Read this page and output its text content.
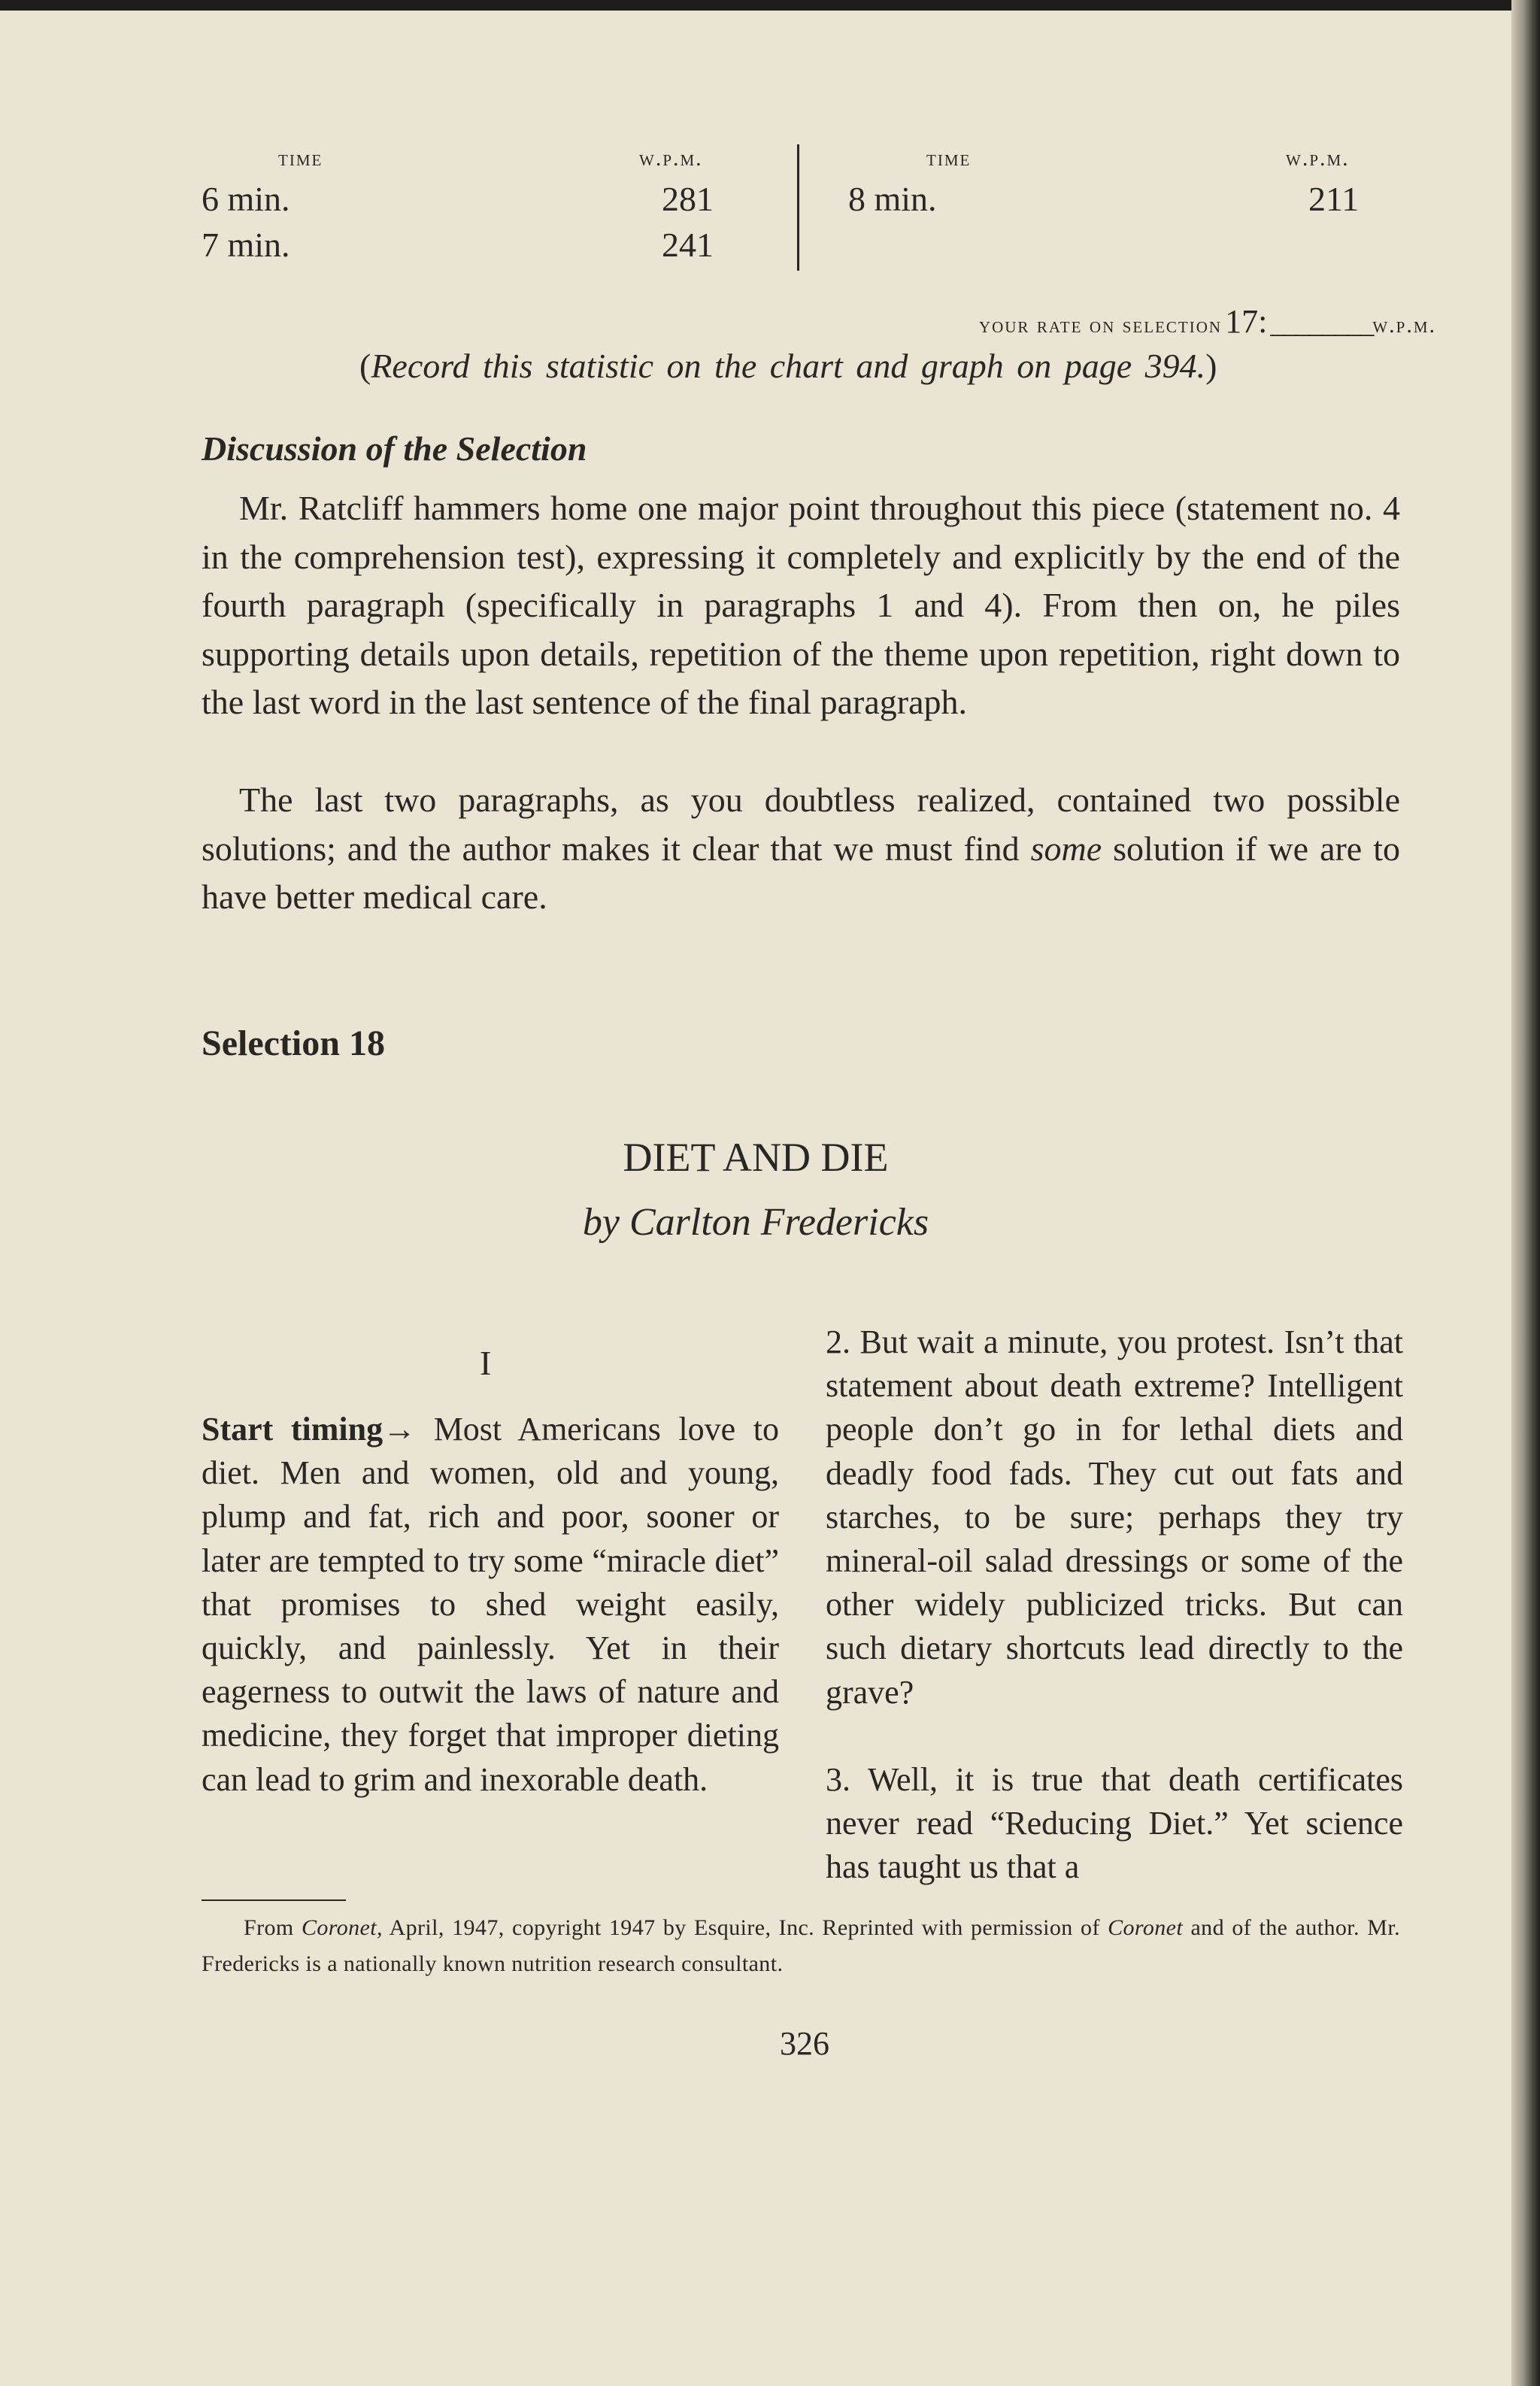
time	w.p.m.
6 min.	281
7 min.	241
time	w.p.m.
8 min.	211
your rate on selection 17: ________w.p.m.
(Record this statistic on the chart and graph on page 394.)
Discussion of the Selection
Mr. Ratcliff hammers home one major point throughout this piece (statement no. 4 in the comprehension test), expressing it completely and explicitly by the end of the fourth paragraph (specifically in paragraphs 1 and 4). From then on, he piles supporting details upon details, repetition of the theme upon repetition, right down to the last word in the last sentence of the final paragraph.
The last two paragraphs, as you doubtless realized, contained two possible solutions; and the author makes it clear that we must find some solution if we are to have better medical care.
Selection 18
DIET AND DIE
by Carlton Fredericks
I
Start timing→ Most Americans love to diet. Men and women, old and young, plump and fat, rich and poor, sooner or later are tempted to try some “miracle diet” that promises to shed weight easily, quickly, and painlessly. Yet in their eagerness to outwit the laws of nature and medicine, they forget that improper dieting can lead to grim and inexorable death.
2. But wait a minute, you protest. Isn’t that statement about death extreme? Intelligent people don’t go in for lethal diets and deadly food fads. They cut out fats and starches, to be sure; perhaps they try mineral-oil salad dressings or some of the other widely publicized tricks. But can such dietary shortcuts lead directly to the grave?
3. Well, it is true that death certificates never read “Reducing Diet.” Yet science has taught us that a
From Coronet, April, 1947, copyright 1947 by Esquire, Inc. Reprinted with permission of Coronet and of the author. Mr. Fredericks is a nationally known nutrition research consultant.
326
